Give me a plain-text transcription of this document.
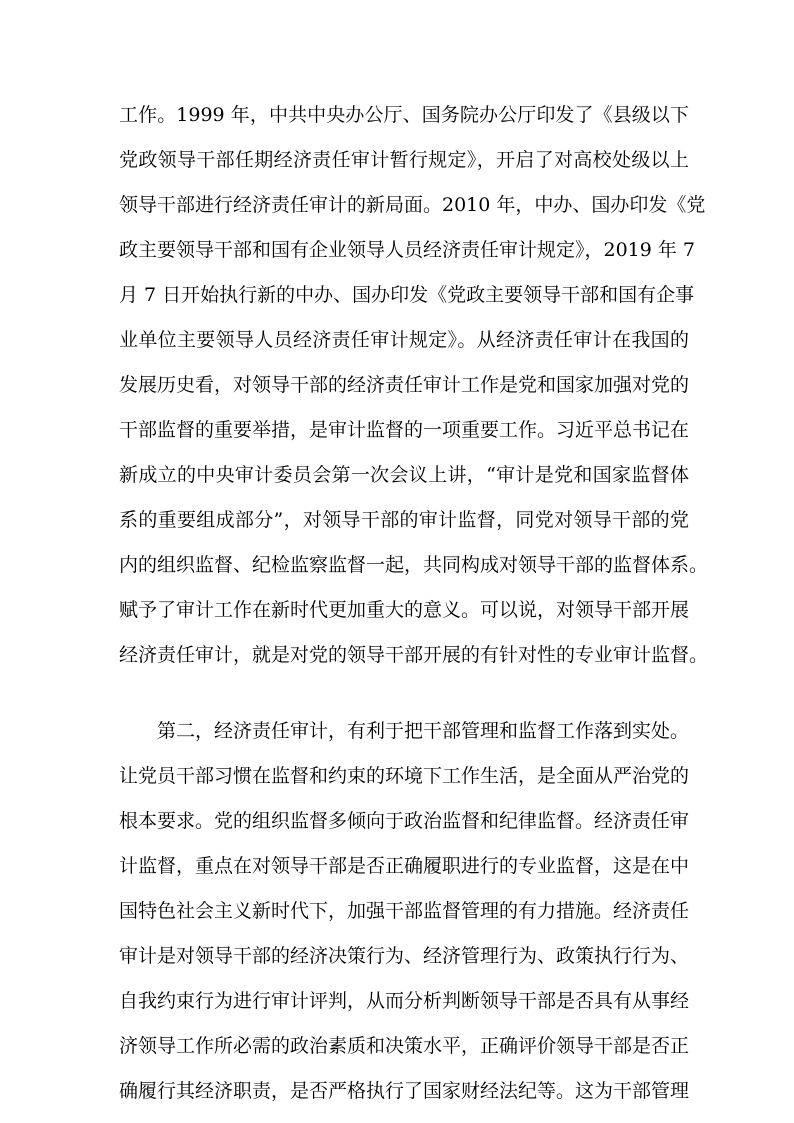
工作。1999 年，中共中央办公厅、国务院办公厅印发了《县级以下
党政领导干部任期经济责任审计暂行规定》，开启了对高校处级以上
领导干部进行经济责任审计的新局面。2010 年，中办、国办印发《党
政主要领导干部和国有企业领导人员经济责任审计规定》，2019 年 7
月 7 日开始执行新的中办、国办印发《党政主要领导干部和国有企事
业单位主要领导人员经济责任审计规定》。从经济责任审计在我国的
发展历史看，对领导干部的经济责任审计工作是党和国家加强对党的
干部监督的重要举措，是审计监督的一项重要工作。习近平总书记在
新成立的中央审计委员会第一次会议上讲，“审计是党和国家监督体
系的重要组成部分”，对领导干部的审计监督，同党对领导干部的党
内的组织监督、纪检监察监督一起，共同构成对领导干部的监督体系。
赋予了审计工作在新时代更加重大的意义。可以说，对领导干部开展
经济责任审计，就是对党的领导干部开展的有针对性的专业审计监督。
　　第二，经济责任审计，有利于把干部管理和监督工作落到实处。
让党员干部习惯在监督和约束的环境下工作生活，是全面从严治党的
根本要求。党的组织监督多倾向于政治监督和纪律监督。经济责任审
计监督，重点在对领导干部是否正确履职进行的专业监督，这是在中
国特色社会主义新时代下，加强干部监督管理的有力措施。经济责任
审计是对领导干部的经济决策行为、经济管理行为、政策执行行为、
自我约束行为进行审计评判，从而分析判断领导干部是否具有从事经
济领导工作所必需的政治素质和决策水平，正确评价领导干部是否正
确履行其经济职责，是否严格执行了国家财经法纪等。这为干部管理
